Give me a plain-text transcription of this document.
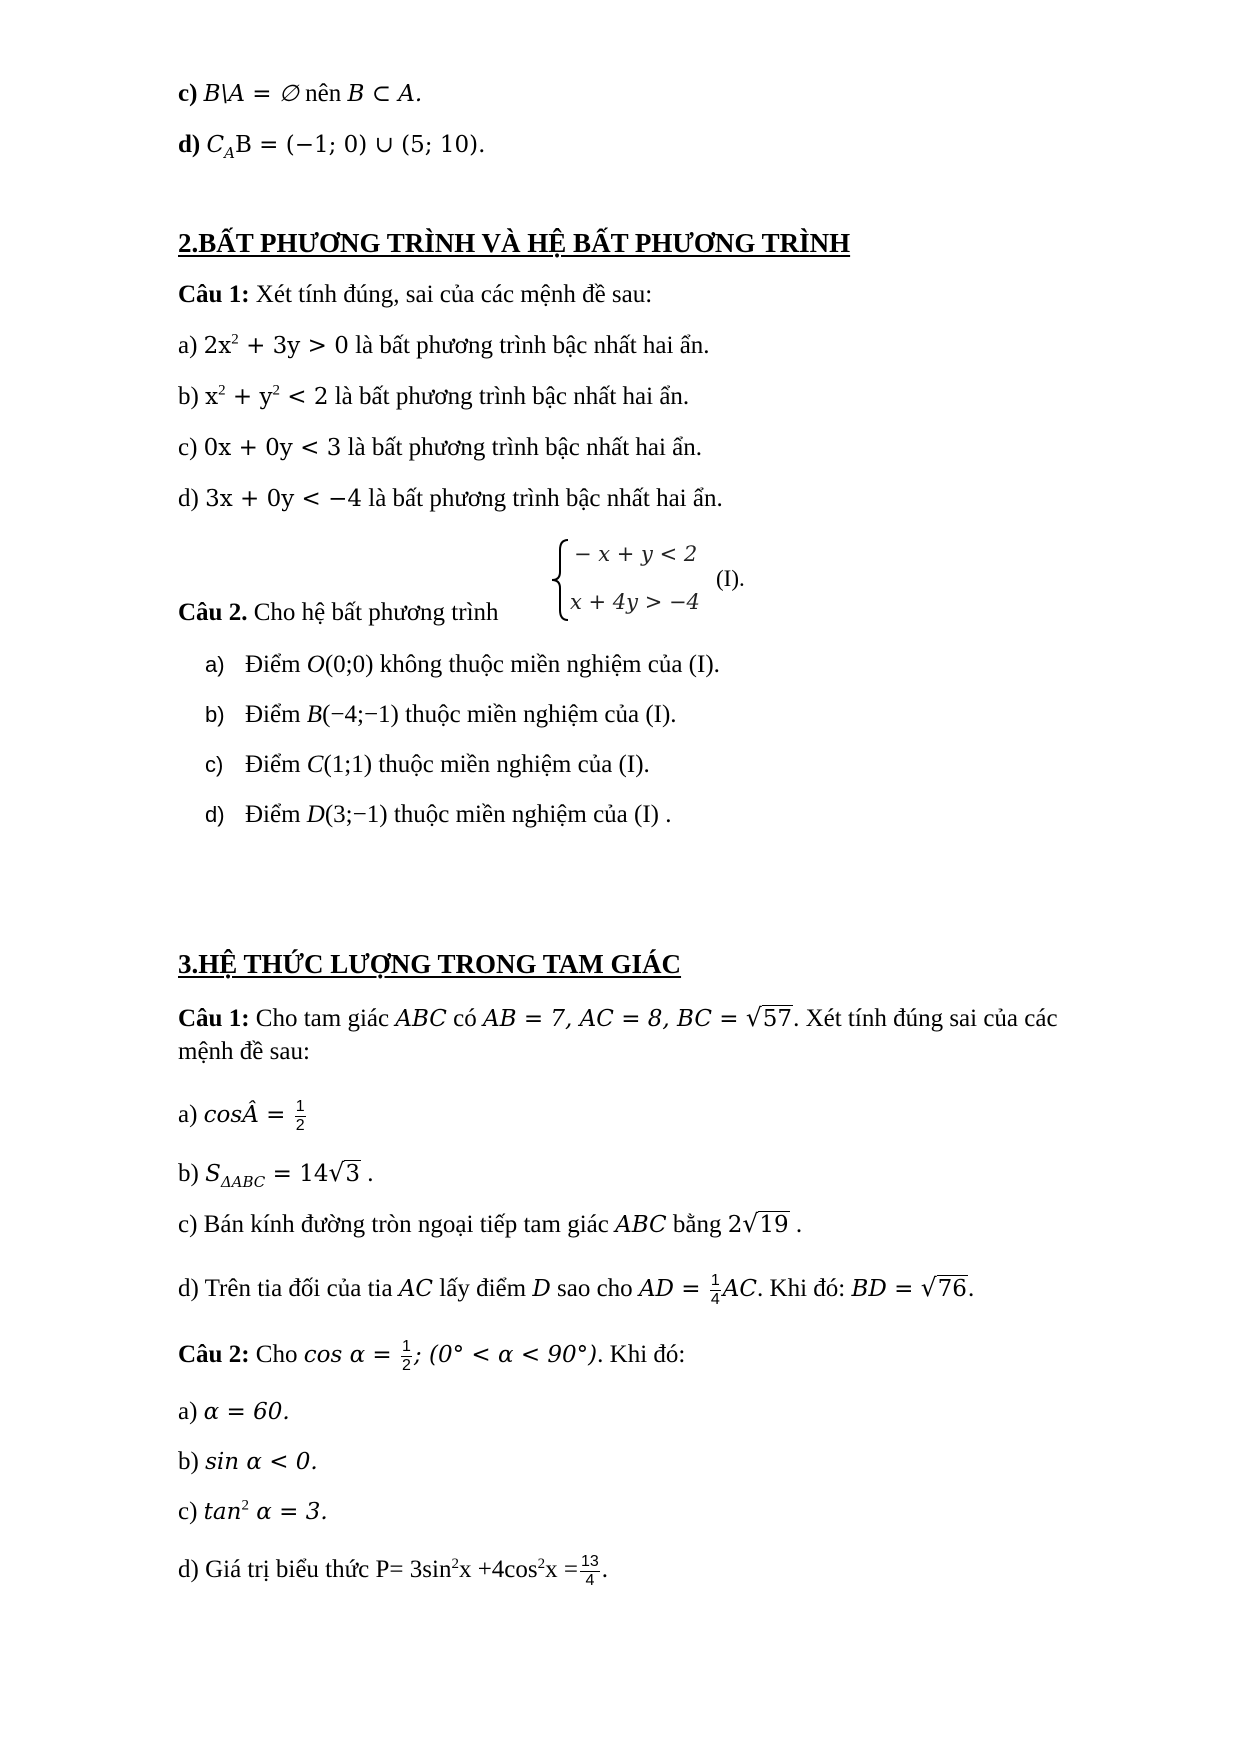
c) B\A = ∅ nên B ⊂ A.
d) $C_AB = (-1$; 0) ∪ (5; 10).
2.BẤT PHƯƠNG TRÌNH VÀ HỆ BẤT PHƯƠNG TRÌNH
Câu 1: Xét tính đúng, sai của các mệnh đề sau:
a) $2x^2 + 3y > 0$ là bất phương trình bậc nhất hai ẩn.
b) $x^2 + y^2 < 2$ là bất phương trình bậc nhất hai ẩn.
c) 0x + 0y < 3 là bất phương trình bậc nhất hai ẩn.
d) 3x + 0y < −4 là bất phương trình bậc nhất hai ẩn.
Câu 2. Cho hệ bất phương trình
− x + y < 2
x + 4y > −4
(I).
a) Điểm O(0;0) không thuộc miền nghiệm của (I).
b) Điểm B(−4;−1) thuộc miền nghiệm của (I).
c) Điểm C(1;1) thuộc miền nghiệm của (I).
d) Điểm D(3;−1) thuộc miền nghiệm của (I) .
3.HỆ THỨC LƯỢNG TRONG TAM GIÁC
Câu 1: Cho tam giác ABC có AB = 7, AC = 8, BC = √57. Xét tính đúng sai của các
mệnh đề sau:
a) cosÂ = $\frac{1}{2}$
b) $S_{\Delta ABC} = 14√3$ .
c) Bán kính đường tròn ngoại tiếp tam giác ABC bằng 2√19 .
d) Trên tia đối của tia AC lấy điểm D sao cho AD = $\frac{1}{4}$ AC. Khi đó: BD = √76.
Câu 2: Cho $\cos \alpha = \frac{1}{2}$ ; (0° < α < 90°). Khi đó:
a) α = 60.
b) sin α < 0.
c) $\tan^2 \alpha = 3$.
d) Giá trị biểu thức $P= 3\sin^2x +4\cos^2x = \frac{13}{4}$ .
